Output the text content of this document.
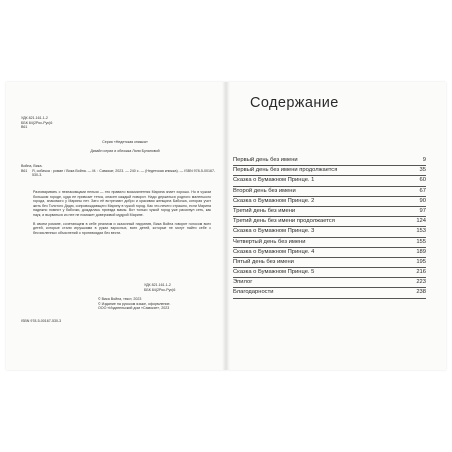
УДК 821.161.1-2
ББК 84(2Рос-Рус)6
В61
Серия «Недетская книжка»
Дизайн серии и обложка Ляли Булановой
Война, Вика.
В61	Я, собачка : роман / Вика Война. — М. : Самокат, 2023. — 240 с. — (Недетская книжка). — ISBN 978-5-00167-530-3.

Разговаривать с незнакомцами нельзя — это правило восьмилетняя Марина знает хорошо. Но в чужом большом городе, куда ее привозит тетка, опасен каждый поворот. Надо держаться родного маленького города, знакомого у Марины нет. Зато её встречают добро и красивая женщина Бабочка, которая учит жить без Толстого Дядю, сопровождающего Марину в чужой город. Как что-нечего страшно, если Марина надежно помнит у бабочки, дождалась приезда мамы. Вот только чужой город уже раскинул сеть, как паук, и вырваться из нее не поможет доверчивой мудрой Марине.

В своем романе, сочетающем в себе реализм и сказочный нарратив, Вика Война говорит голосом всех детей, которые стали игрушками в руках взрослых, всех детей, которые не могут найти себе с бесчисленных объяснений о противоядии без вести.

УДК 821.161.1-2
ББК 84(2Рос-Рус)6
© Вика Война, текст, 2023
© Издание на русском языке, оформление.
ООО «Издательский дом «Самокат», 2023
ISBN 978-5-00167-530-3
Содержание
Первый день без имени	9
Первый день без имени продолжается	35
Сказка о Бумажном Принце. 1	60
Второй день без имени	67
Сказка о Бумажном Принце. 2	90
Третий день без имени	97
Третий день без имени продолжается	124
Сказка о Бумажном Принце. 3	153
Четвертый день без имени	155
Сказка о Бумажном Принце. 4	189
Пятый день без имени	195
Сказка о Бумажном Принце. 5	216
Эпилог	223
Благодарности	238
